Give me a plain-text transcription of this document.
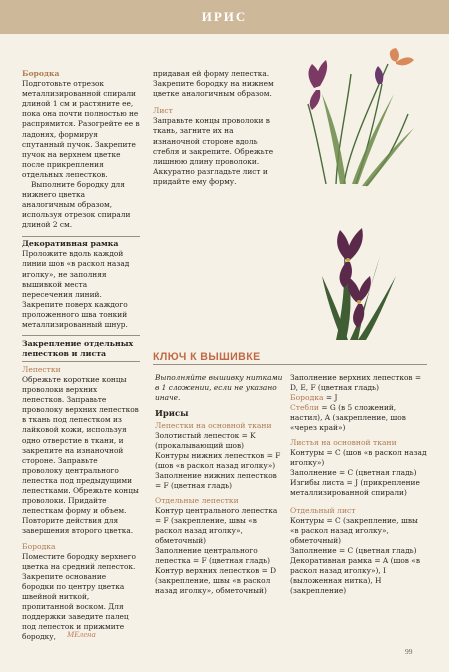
ИРИС
Бородка

Подготовьте отрезок металлизированной спирали длиной 1 см и растяните ее, пока она почти полностью не распрямится. Разогрейте ее в ладонях, формируя спутанный пучок. Закрепите пучок на верхнем цветке после прикрепления отдельных лепестков.

Выполните бородку для нижнего цветка аналогичным образом, используя отрезок спирали длиной 2 см.

Декоративная рамка

Проложите вдоль каждой линии шов «в раскол назад иголку», не заполняя вышивкой места пересечения линий. Закрепите поверх каждого проложенного шва тонкий металлизированный шнур.

Закрепление отдельных лепестков и листа
Лепестки

Обрежьте короткие концы проволоки верхних лепестков. Заправьте проволоку верхних лепестков в ткань под лепестком из лайковой кожи, используя одно отверстие в ткани, и закрепите на изнаночной стороне. Заправьте проволоку центрального лепестка под предыдущими лепестками. Обрежьте концы проволоки. Придайте лепесткам форму и объем. Повторите действия для завершения второго цветка.

Бородка

Поместите бородку верхнего цветка на средний лепесток. Закрепите основание бородки по центру цветка швейной ниткой, пропитанной воском. Для поддержки заведите палец под лепесток и прижмите бородку,

придавая ей форму лепестка. Закрепите бородку на нижнем цветке аналогичным образом.

Лист

Заправьте концы проволоки в ткань, загните их на изнаночной стороне вдоль стебля и закрепите. Обрежьте лишнюю длину проволоки. Аккуратно разгладьте лист и придайте ему форму.

КЛЮЧ К ВЫШИВКЕ

Выполняйте вышивку нитками в 1 сложении, если не указано иначе.

Ирисы
Лепестки на основной ткани

Золотистый лепесток = K (прокалывающий шов)

Контуры нижних лепестков = F (шов «в раскол назад иголку»)

Заполнение нижних лепестков = F (цветная гладь)

Отдельные лепестки

Контур центрального лепестка = F (закрепление, швы «в раскол назад иголку», обметочный)

Заполнение центрального лепестка = F (цветная гладь)

Контур верхних лепестков = D (закрепление, швы «в раскол назад иголку», обметочный)

Заполнение верхних лепестков = D, E, F (цветная гладь)

Бородка = J

Стебли = G (в 5 сложений, настил), A (закрепление, шов «через край»)

Листья на основной ткани

Контуры = C (шов «в раскол назад иголку»)

Заполнение = C (цветная гладь)

Изгибы листа = J (прикрепление металлизированной спирали)

Отдельный лист

Контуры = C (закрепление, швы «в раскол назад иголку», обметочный)

Заполнение = C (цветная гладь)

Декоративная рамка = A (шов «в раскол назад иголку»), I (выложенная нитка), H (закрепление)

МЕлена
99
